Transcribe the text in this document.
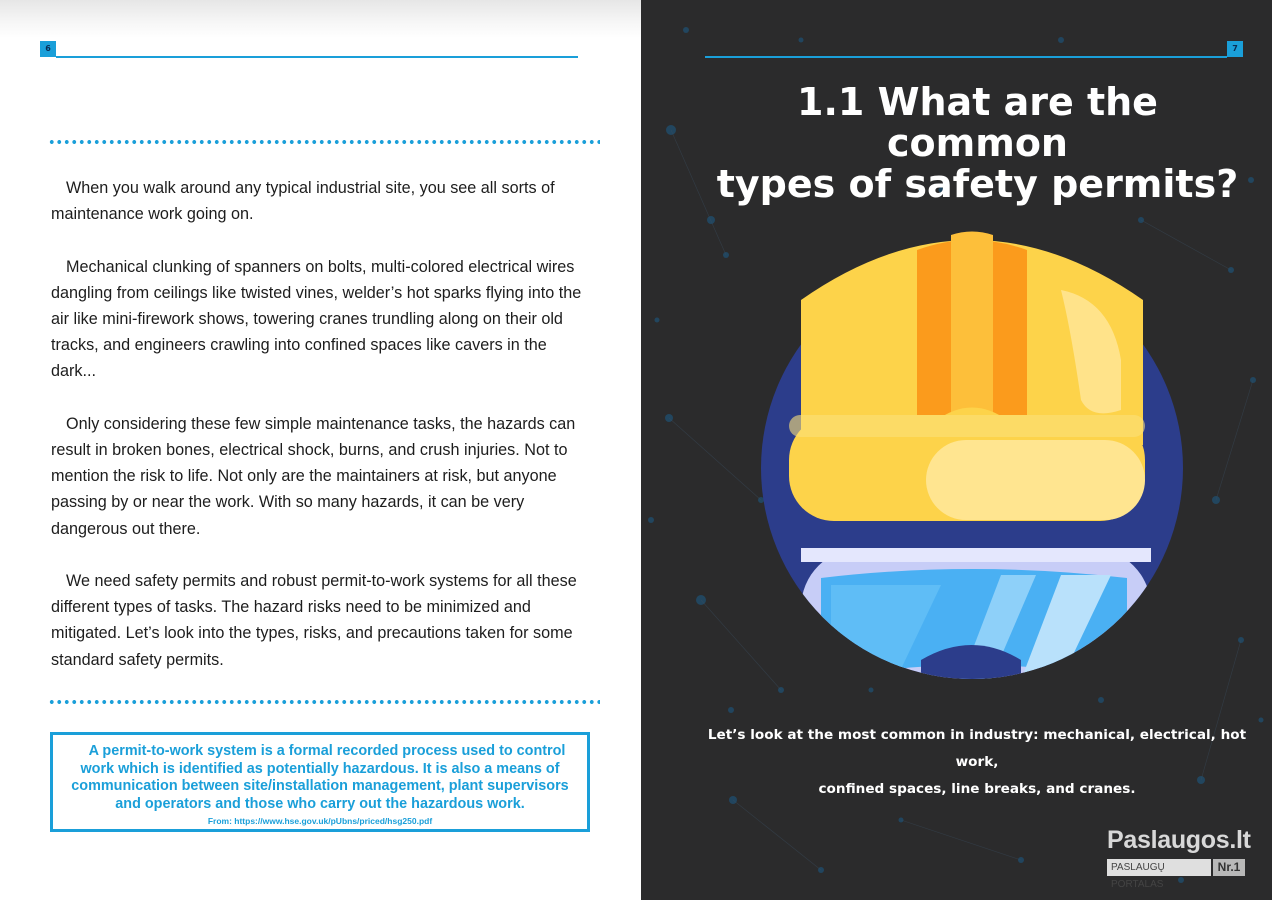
6

When you walk around any typical industrial site, you see all sorts of maintenance work going on.

Mechanical clunking of spanners on bolts, multi-colored electrical wires dangling from ceilings like twisted vines, welder’s hot sparks flying into the air like mini-firework shows, towering cranes trundling along on their old tracks, and engineers crawling into confined spaces like cavers in the dark...

Only considering these few simple maintenance tasks, the hazards can result in broken bones, electrical shock, burns, and crush injuries. Not to mention the risk to life. Not only are the maintainers at risk, but anyone passing by or near the work. With so many hazards, it can be very dangerous out there.

We need safety permits and robust permit-to-work systems for all these different types of tasks. The hazard risks need to be minimized and mitigated. Let’s look into the types, risks, and precautions taken for some standard safety permits.

A permit-to-work system is a formal recorded process used to control work which is identified as potentially hazardous. It is also a means of communication between site/installation management, plant supervisors and operators and those who carry out the hazardous work.

From: https://www.hse.gov.uk/pUbns/priced/hsg250.pdf
7
1.1 What are the common
types of safety permits?
Let’s look at the most common in industry: mechanical, electrical, hot work,
confined spaces, line breaks, and cranes.
Paslaugos.lt
PASLAUGŲ PORTALAS
Nr.1
